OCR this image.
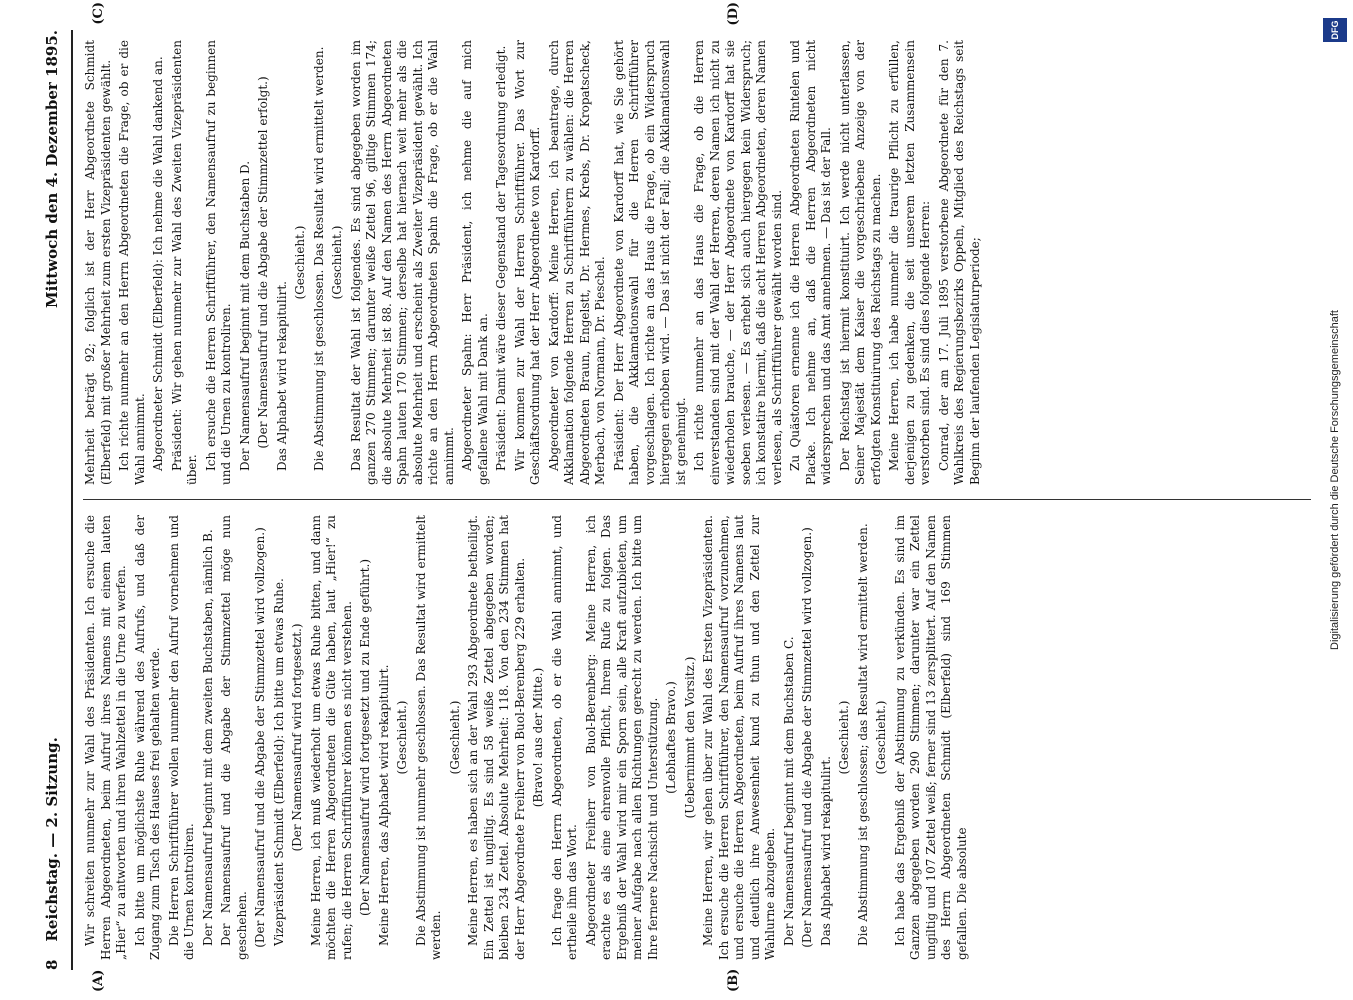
8
Reichstag. — 2. Sitzung.
Mittwoch den 4. Dezember 1895.
(A)	(B)
(C)	(D)

Wir schreiten nunmehr zur Wahl des Präsidenten. Ich ersuche die Herren Abgeordneten, beim Aufruf ihres Namens mit einem lauten „Hier“ zu antworten und ihren Wahlzettel in die Urne zu werfen. Ich bitte um möglichste Ruhe während des Aufrufs, und daß der Zugang zum Tisch des Hauses frei gehalten werde. Die Herren Schriftführer wollen nunmehr den Aufruf vornehmen und die Urnen kontroliren. Der Namensaufruf beginnt mit dem zweiten Buchstaben, nämlich B. Der Namensaufruf und die Abgabe der Stimmzettel möge nun geschehen. (Der Namensaufruf und die Abgabe der Stimmzettel wird vollzogen.) Vizepräsident Schmidt (Elberfeld): Ich bitte um etwas Ruhe. (Der Namensaufruf wird fortgesetzt.) Meine Herren, ich muß wiederholt um etwas Ruhe bitten, und dann möchten die Herren Abgeordneten die Güte haben, laut „Hier!“ zu rufen; die Herren Schriftführer können es nicht verstehen. (Der Namensaufruf wird fortgesetzt und zu Ende geführt.) Meine Herren, das Alphabet wird rekapitulirt. (Geschieht.) Die Abstimmung ist nunmehr geschlossen. Das Resultat wird ermittelt werden.

(Geschieht.) Meine Herren, es haben sich an der Wahl 293 Abgeordnete betheiligt. Ein Zettel ist ungiltig. Es sind 58 weiße Zettel abgegeben worden; bleiben 234 Zettel. Absolute Mehrheit: 118. Von den 234 Stimmen hat der Herr Abgeordnete Freiherr von Buol-Berenberg 229 erhalten. (Bravo! aus der Mitte.) Ich frage den Herrn Abgeordneten, ob er die Wahl annimmt, und ertheile ihm das Wort. Abgeordneter Freiherr von Buol-Berenberg: Meine Herren, ich erachte es als eine ehrenvolle Pflicht, Ihrem Rufe zu folgen. Das Ergebniß der Wahl wird mir ein Sporn sein, alle Kraft aufzubieten, um meiner Aufgabe nach allen Richtungen gerecht zu werden. Ich bitte um Ihre fernere Nachsicht und Unterstützung. (Lebhaftes Bravo.) (Uebernimmt den Vorsitz.) Meine Herren, wir gehen über zur Wahl des Ersten Vizepräsidenten. Ich ersuche die Herren Schriftführer, den Namensaufruf vorzunehmen, und ersuche die Herren Abgeordneten, beim Aufruf ihres Namens laut und deutlich ihre Anwesenheit kund zu thun und den Zettel zur Wahlurne abzugeben. Der Namensaufruf beginnt mit dem Buchstaben C. (Der Namensaufruf und die Abgabe der Stimmzettel wird vollzogen.) Das Alphabet wird rekapitulirt.

(Geschieht.) Die Abstimmung ist geschlossen; das Resultat wird ermittelt werden. (Geschieht.) Ich habe das Ergebniß der Abstimmung zu verkünden. Es sind im Ganzen abgegeben worden 290 Stimmen; darunter war ein Zettel ungiltig und 107 Zettel weiß; ferner sind 13 zersplittert. Auf den Namen des Herrn Abgeordneten Schmidt (Elberfeld) sind 169 Stimmen gefallen. Die absolute

Mehrheit beträgt 92; folglich ist der Herr Abgeordnete Schmidt (Elberfeld) mit großer Mehrheit zum ersten Vizepräsidenten gewählt. Ich richte nunmehr an den Herrn Abgeordneten die Frage, ob er die Wahl annimmt. Abgeordneter Schmidt (Elberfeld): Ich nehme die Wahl dankend an. Präsident: Wir gehen nunmehr zur Wahl des Zweiten Vizepräsidenten über. Ich ersuche die Herren Schriftführer, den Namensaufruf zu beginnen und die Urnen zu kontroliren. Der Namensaufruf beginnt mit dem Buchstaben D. (Der Namensaufruf und die Abgabe der Stimmzettel erfolgt.) Das Alphabet wird rekapitulirt.

(Geschieht.) Die Abstimmung ist geschlossen. Das Resultat wird ermittelt werden. (Geschieht.) Das Resultat der Wahl ist folgendes. Es sind abgegeben worden im ganzen 270 Stimmen; darunter weiße Zettel 96, giltige Stimmen 174; die absolute Mehrheit ist 88. Auf den Namen des Herrn Abgeordneten Spahn lauten 170 Stimmen; derselbe hat hiernach weit mehr als die absolute Mehrheit und erscheint als Zweiter Vizepräsident gewählt. Ich richte an den Herrn Abgeordneten Spahn die Frage, ob er die Wahl annimmt. Abgeordneter Spahn: Herr Präsident, ich nehme die auf mich gefallene Wahl mit Dank an. Präsident: Damit wäre dieser Gegenstand der Tagesordnung erledigt. Wir kommen zur Wahl der Herren Schriftführer. Das Wort zur Geschäftsordnung hat der Herr Abgeordnete von Kardorff. Abgeordneter von Kardorff: Meine Herren, ich beantrage, durch Akklamation folgende Herren zu Schriftführern zu wählen: die Herren Abgeordneten Braun, Engelstt, Dr. Hermes, Krebs, Dr. Kropatscheck, Merbach, von Normann, Dr. Pieschel. Präsident: Der Herr Abgeordnete von Kardorff hat, wie Sie gehört haben, die Akklamationswahl für die Herren Schriftführer vorgeschlagen. Ich richte an das Haus die Frage, ob ein Widerspruch hiergegen erhoben wird. — Das ist nicht der Fall; die Akklamationswahl ist genehmigt. Ich richte nunmehr an das Haus die Frage, ob die Herren einverstanden sind mit der Wahl der Herren, deren Namen ich nicht zu wiederholen brauche, — der Herr Abgeordnete von Kardorff hat sie soeben verlesen. — Es erhebt sich auch hiergegen kein Widerspruch; ich konstatire hiermit, daß die acht Herren Abgeordneten, deren Namen verlesen, als Schriftführer gewählt worden sind. Zu Quästoren ernenne ich die Herren Abgeordneten Rintelen und Placke. Ich nehme an, daß die Herren Abgeordneten nicht widersprechen und das Amt annehmen. — Das ist der Fall. Der Reichstag ist hiermit konstituirt. Ich werde nicht unterlassen, Seiner Majestät dem Kaiser die vorgeschriebene Anzeige von der erfolgten Konstituirung des Reichstags zu machen. Meine Herren, ich habe nunmehr die traurige Pflicht zu erfüllen, derjenigen zu gedenken, die seit unserem letzten Zusammensein verstorben sind. Es sind dies folgende Herren: Conrad, der am 17. Juli 1895 verstorbene Abgeordnete für den 7. Wahlkreis des Regierungsbezirks Oppeln, Mitglied des Reichstags seit Beginn der laufenden Legislaturperiode;

DFG
Digitalisierung gefördert durch die Deutsche Forschungsgemeinschaft
